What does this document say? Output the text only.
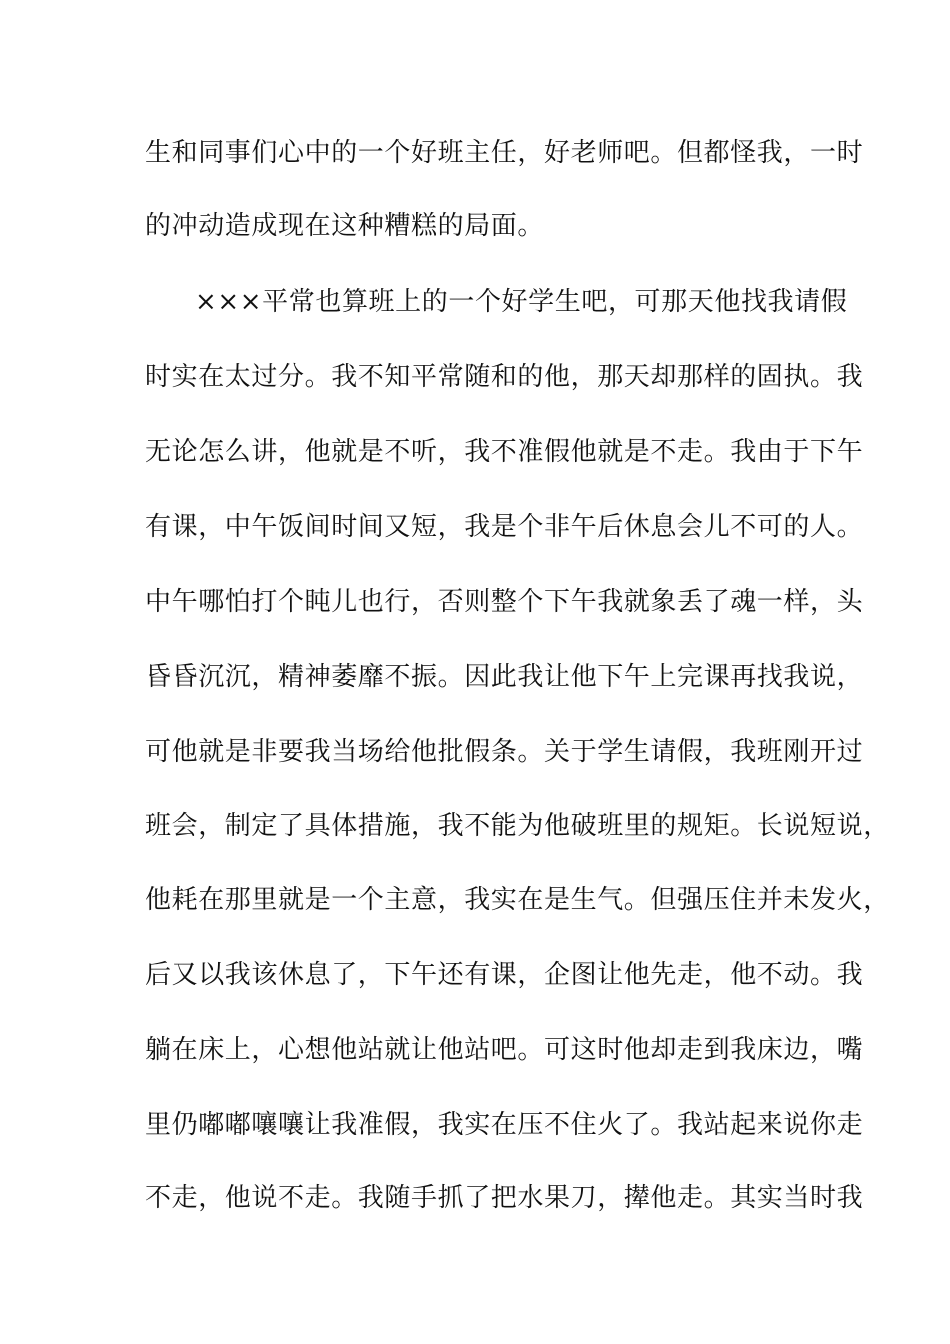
生和同事们心中的一个好班主任，好老师吧。但都怪我，一时
的冲动造成现在这种糟糕的局面。
×××平常也算班上的一个好学生吧，可那天他找我请假
时实在太过分。我不知平常随和的他，那天却那样的固执。我
无论怎么讲，他就是不听，我不准假他就是不走。我由于下午
有课，中午饭间时间又短，我是个非午后休息会儿不可的人。
中午哪怕打个盹儿也行，否则整个下午我就象丢了魂一样，头
昏昏沉沉，精神萎靡不振。因此我让他下午上完课再找我说，
可他就是非要我当场给他批假条。关于学生请假，我班刚开过
班会，制定了具体措施，我不能为他破班里的规矩。长说短说，
他耗在那里就是一个主意，我实在是生气。但强压住并未发火，
后又以我该休息了，下午还有课，企图让他先走，他不动。我
躺在床上，心想他站就让他站吧。可这时他却走到我床边，嘴
里仍嘟嘟嚷嚷让我准假，我实在压不住火了。我站起来说你走
不走，他说不走。我随手抓了把水果刀，撵他走。其实当时我
